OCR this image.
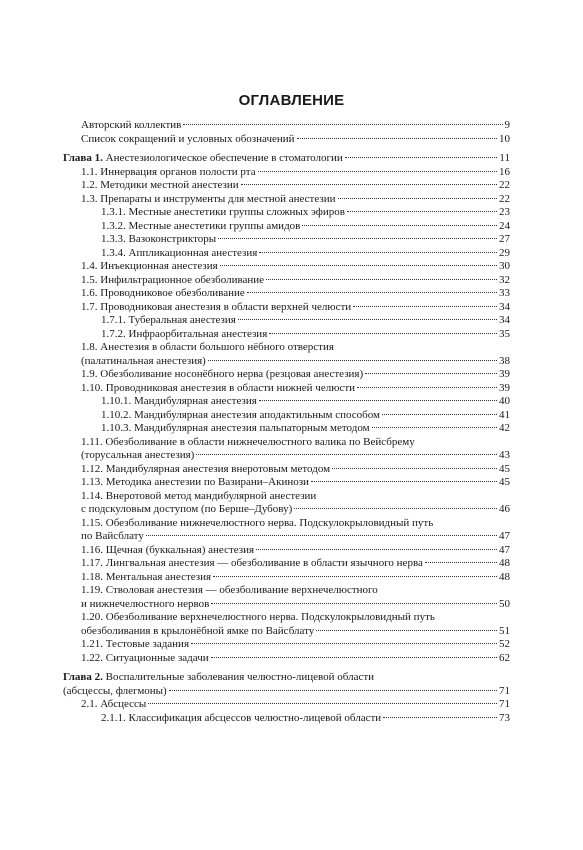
ОГЛАВЛЕНИЕ
Авторский коллектив	9
Список сокращений и условных обозначений	10
Глава 1. Анестезиологическое обеспечение в стоматологии	11
1.1. Иннервация органов полости рта	16
1.2. Методики местной анестезии	22
1.3. Препараты и инструменты для местной анестезии	22
1.3.1. Местные анестетики группы сложных эфиров	23
1.3.2. Местные анестетики группы амидов	24
1.3.3. Вазоконстрикторы	27
1.3.4. Аппликационная анестезия	29
1.4. Инъекционная анестезия	30
1.5. Инфильтрационное обезболивание	32
1.6. Проводниковое обезболивание	33
1.7. Проводниковая анестезия в области верхней челюсти	34
1.7.1. Туберальная анестезия	34
1.7.2. Инфраорбитальная анестезия	35
1.8. Анестезия в области большого нёбного отверстия
(палатинальная анестезия)	38
1.9. Обезболивание носонёбного нерва (резцовая анестезия)	39
1.10. Проводниковая анестезия в области нижней челюсти	39
1.10.1. Мандибулярная анестезия	40
1.10.2. Мандибулярная анестезия аподактильным способом	41
1.10.3. Мандибулярная анестезия пальпаторным методом	42
1.11. Обезболивание в области нижнечелюстного валика по Вейсбрему
(торусальная анестезия)	43
1.12. Мандибулярная анестезия внеротовым методом	45
1.13. Методика анестезии по Вазирани–Акинози	45
1.14. Внеротовой метод мандибулярной анестезии
с подскуловым доступом (по Берше–Дубову)	46
1.15. Обезболивание нижнечелюстного нерва. Подскулокрыловидный путь
по Вайсблату	47
1.16. Щечная (буккальная) анестезия	47
1.17. Лингвальная анестезия — обезболивание в области язычного нерва	48
1.18. Ментальная анестезия	48
1.19. Стволовая анестезия — обезболивание верхнечелюстного
и нижнечелюстного нервов	50
1.20. Обезболивание верхнечелюстного нерва. Подскулокрыловидный путь
обезболивания в крылонёбной ямке по Вайсблату	51
1.21. Тестовые задания	52
1.22. Ситуационные задачи	62
Глава 2. Воспалительные заболевания челюстно-лицевой области
(абсцессы, флегмоны)	71
2.1. Абсцессы	71
2.1.1. Классификация абсцессов челюстно-лицевой области	73
